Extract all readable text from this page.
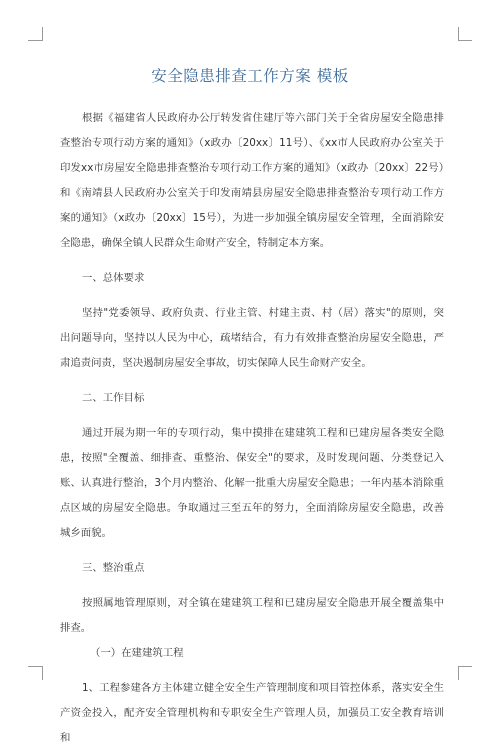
安全隐患排查工作方案 模板

根据《福建省人民政府办公厅转发省住建厅等六部门关于全省房屋安全隐患排查整治专项行动方案的通知》（x政办〔20xx〕11号）、《xx市人民政府办公室关于印发xx市房屋安全隐患排查整治专项行动工作方案的通知》（x政办〔20xx〕22号）和《南靖县人民政府办公室关于印发南靖县房屋安全隐患排查整治专项行动工作方案的通知》（x政办〔20xx〕15号），为进一步加强全镇房屋安全管理，全面消除安全隐患，确保全镇人民群众生命财产安全，特制定本方案。

一、总体要求

坚持"党委领导、政府负责、行业主管、村建主责、村（居）落实"的原则，突出问题导向，坚持以人民为中心，疏堵结合，有力有效排查整治房屋安全隐患，严肃追责问责，坚决遏制房屋安全事故，切实保障人民生命财产安全。

二、工作目标

通过开展为期一年的专项行动，集中摸排在建建筑工程和已建房屋各类安全隐患，按照"全覆盖、细排查、重整治、保安全"的要求，及时发现问题、分类登记入账、认真进行整治，3个月内整治、化解一批重大房屋安全隐患；一年内基本消除重点区域的房屋安全隐患。争取通过三至五年的努力，全面消除房屋安全隐患，改善城乡面貌。

三、整治重点

按照属地管理原则，对全镇在建建筑工程和已建房屋安全隐患开展全覆盖集中排查。

（一）在建建筑工程

1、工程参建各方主体建立健全安全生产管理制度和项目管控体系，落实安全生产资金投入，配齐安全管理机构和专职安全生产管理人员，加强员工安全教育培训和
